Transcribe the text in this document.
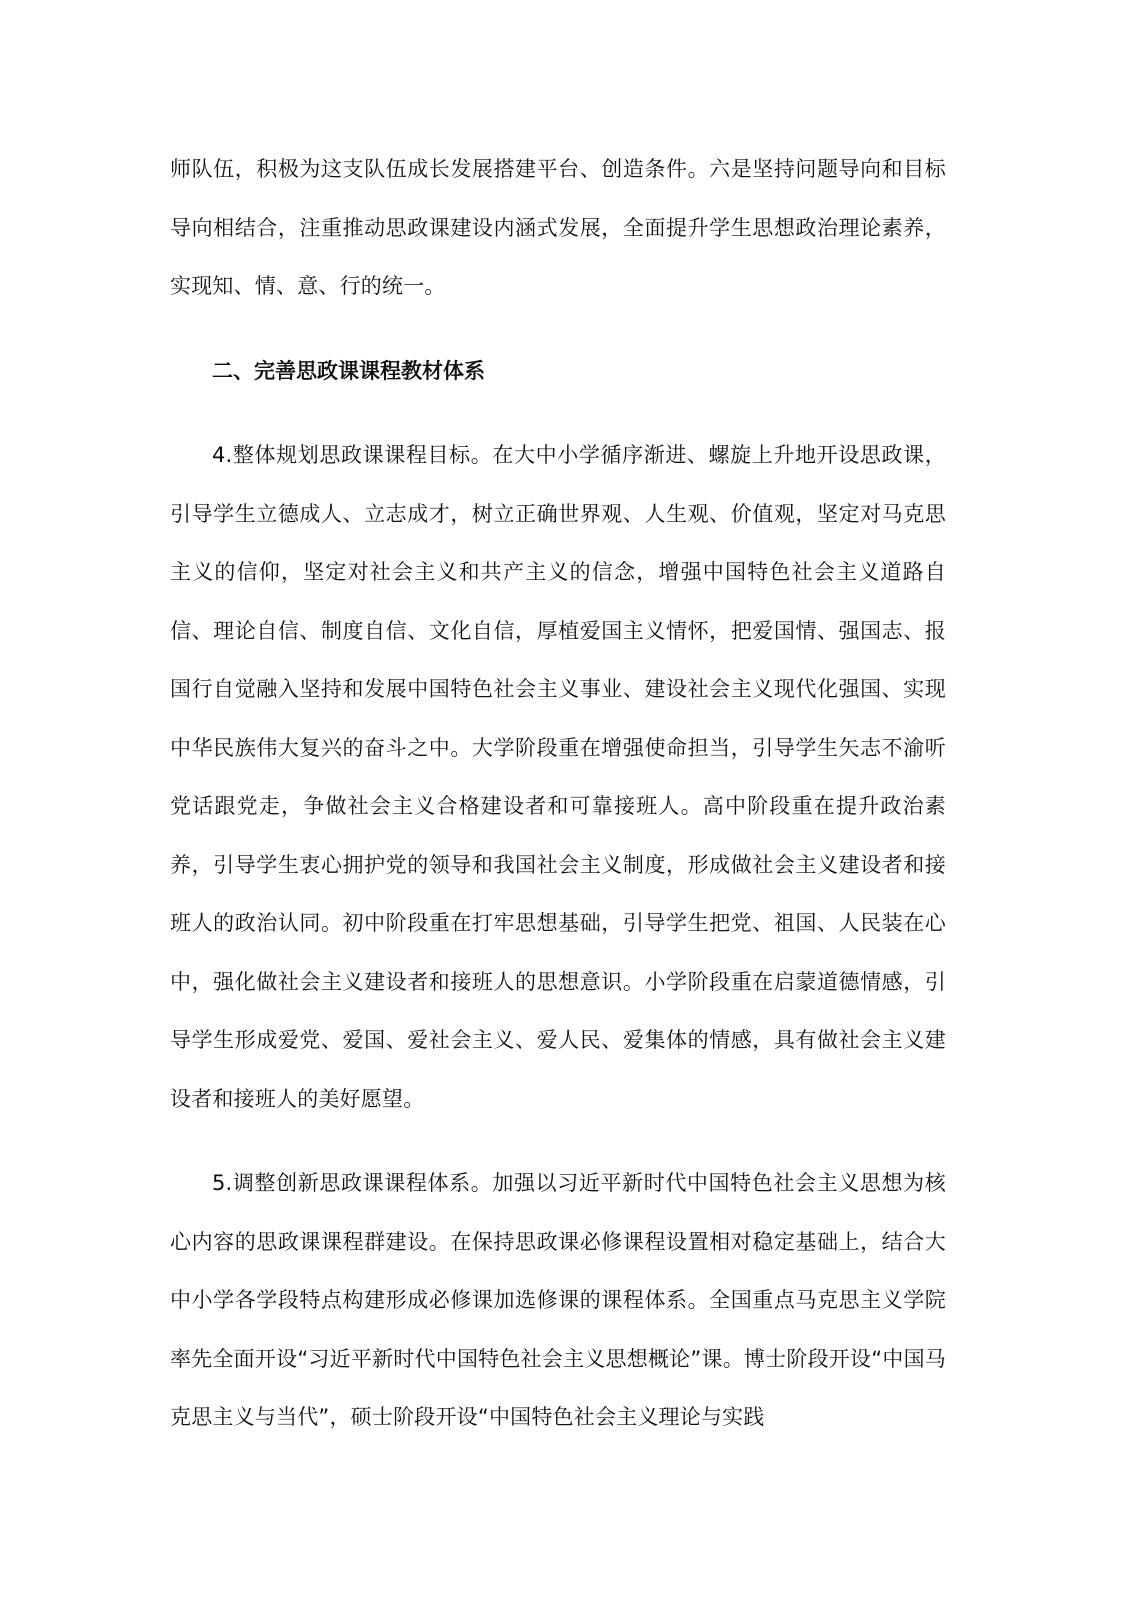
师队伍，积极为这支队伍成长发展搭建平台、创造条件。六是坚持问题导向和目标导向相结合，注重推动思政课建设内涵式发展，全面提升学生思想政治理论素养，实现知、情、意、行的统一。

二、完善思政课课程教材体系

4.整体规划思政课课程目标。在大中小学循序渐进、螺旋上升地开设思政课，引导学生立德成人、立志成才，树立正确世界观、人生观、价值观，坚定对马克思主义的信仰，坚定对社会主义和共产主义的信念，增强中国特色社会主义道路自信、理论自信、制度自信、文化自信，厚植爱国主义情怀，把爱国情、强国志、报国行自觉融入坚持和发展中国特色社会主义事业、建设社会主义现代化强国、实现中华民族伟大复兴的奋斗之中。大学阶段重在增强使命担当，引导学生矢志不渝听党话跟党走，争做社会主义合格建设者和可靠接班人。高中阶段重在提升政治素养，引导学生衷心拥护党的领导和我国社会主义制度，形成做社会主义建设者和接班人的政治认同。初中阶段重在打牢思想基础，引导学生把党、祖国、人民装在心中，强化做社会主义建设者和接班人的思想意识。小学阶段重在启蒙道德情感，引导学生形成爱党、爱国、爱社会主义、爱人民、爱集体的情感，具有做社会主义建设者和接班人的美好愿望。

5.调整创新思政课课程体系。加强以习近平新时代中国特色社会主义思想为核心内容的思政课课程群建设。在保持思政课必修课程设置相对稳定基础上，结合大中小学各学段特点构建形成必修课加选修课的课程体系。全国重点马克思主义学院率先全面开设“习近平新时代中国特色社会主义思想概论”课。博士阶段开设“中国马克思主义与当代”，硕士阶段开设“中国特色社会主义理论与实践
